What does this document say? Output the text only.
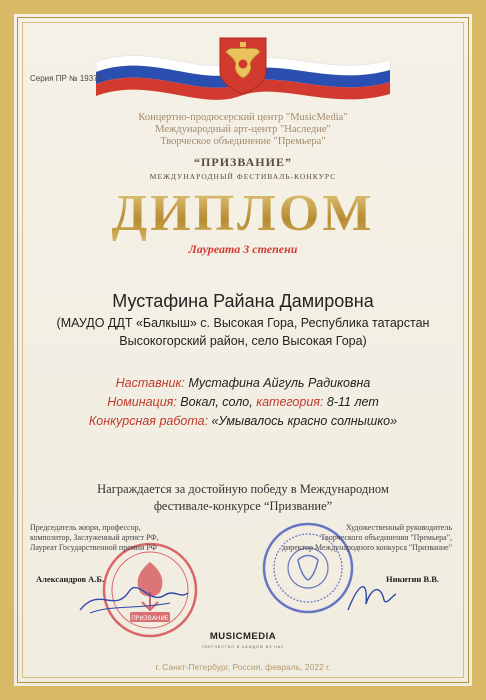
Серия ПР № 19373
Концертно-продюсерский центр "MusicMedia"
Международный арт-центр "Наследие"
Творческое объединение "Премьера"
“ПРИЗВАНИЕ”
МЕЖДУНАРОДНЫЙ ФЕСТИВАЛЬ-КОНКУРС
ДИПЛОМ
Лауреата 3 степени
Мустафина Райана Дамировна
(МАУДО ДДТ «Балкыш» с. Высокая Гора, Республика татарстан
Высокогорский район, село Высокая Гора)
Наставник: Мустафина Айгуль Радиковна
Номинация: Вокал, соло, категория: 8-11 лет
Конкурсная работа: «Умывалось красно солнышко»
Награждается за достойную победу в Международном
фестивале-конкурсе “Призвание”
ПРИЗВАНИЕ
Председатель жюри, профессор,
композитор, Заслуженный артист РФ,
Лауреат Государственной премии РФ
Александров А.Б.
Художественный руководитель
Творческого объединения "Премьера",
директор Международного конкурса "Призвание"
Никитин В.В.
MUSICMEDIA
ТВОРЧЕСТВО В КАЖДОМ ИЗ НАС
г. Санкт-Петербург, Россия, февраль, 2022 г.
